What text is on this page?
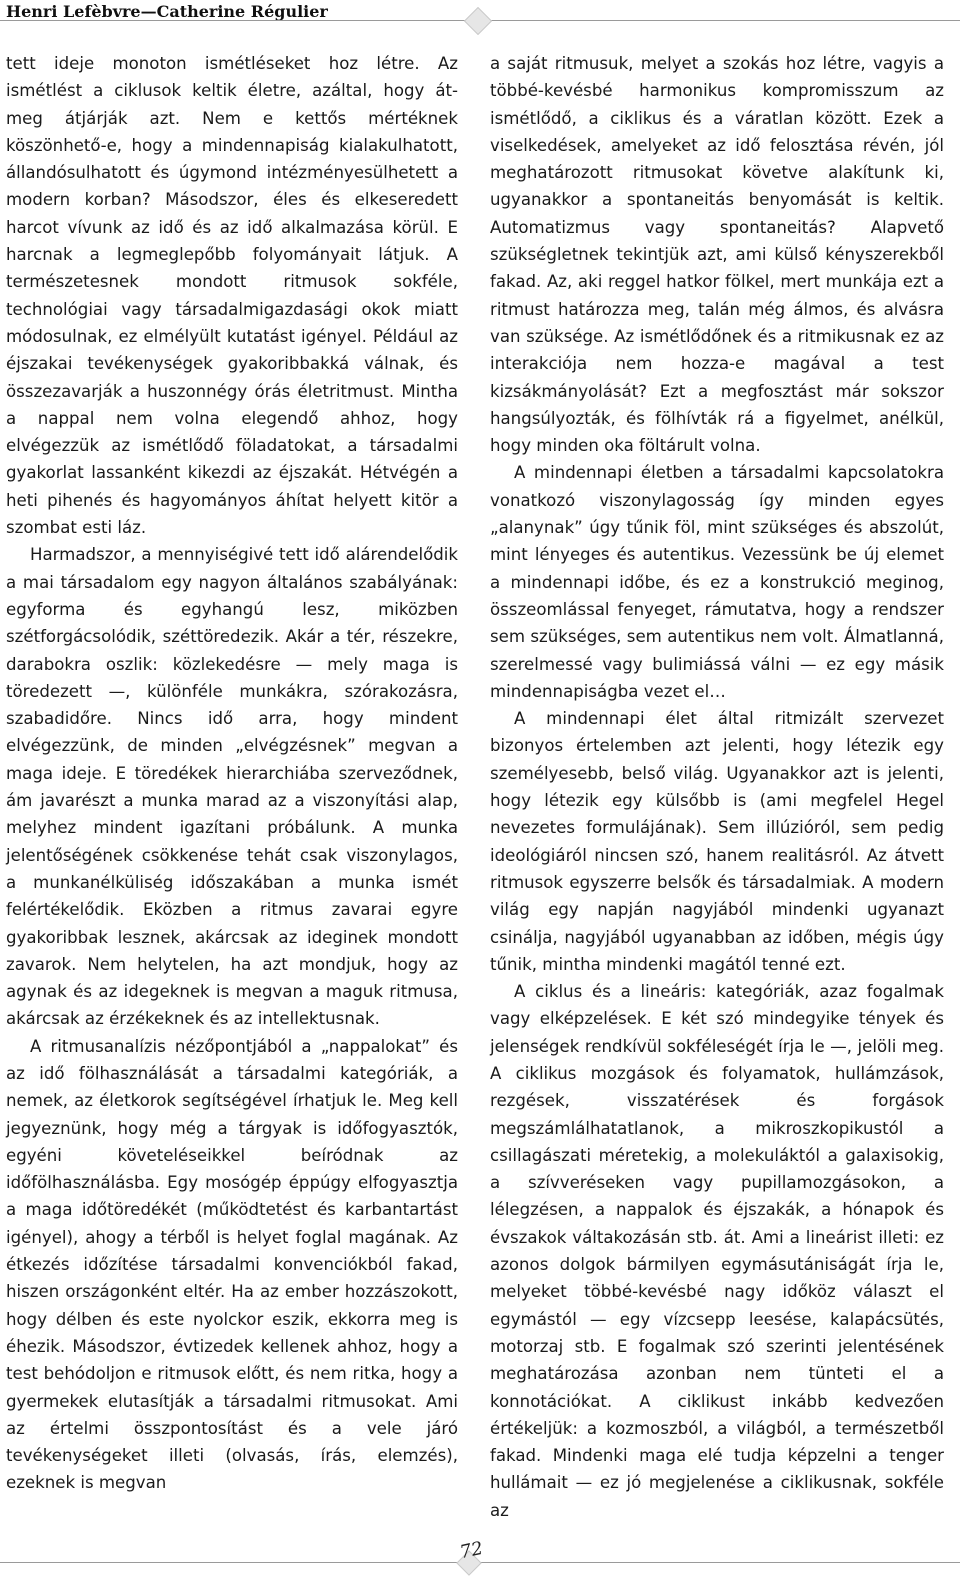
Henri Lefèbvre—Catherine Régulier

tett ideje monoton ismétléseket hoz létre. Az ismétlést a ciklusok keltik életre, azáltal, hogy át- meg átjárják azt. Nem e kettős mértéknek köszönhető-e, hogy a mindennapiság kialakulhatott, állandósulhatott és úgymond intézményesülhetett a modern korban? Másodszor, éles és elkeseredett harcot vívunk az idő és az idő alkalmazása körül. E harcnak a legmeglepőbb folyományait látjuk. A természetesnek mondott ritmusok sokféle, technológiai vagy társadalmigazdasági okok miatt módosulnak, ez elmélyült kutatást igényel. Például az éjszakai tevékenységek gyakoribbakká válnak, és összezavarják a huszonnégy órás életritmust. Mintha a nappal nem volna elegendő ahhoz, hogy elvégezzük az ismétlődő föladatokat, a társadalmi gyakorlat lassanként kikezdi az éjszakát. Hétvégén a heti pihenés és hagyományos áhítat helyett kitör a szombat esti láz.

Harmadszor, a mennyiségivé tett idő alárendelődik a mai társadalom egy nagyon általános szabályának: egyforma és egyhangú lesz, miközben szétforgácsolódik, széttöredezik. Akár a tér, részekre, darabokra oszlik: közlekedésre — mely maga is töredezett —, különféle munkákra, szórakozásra, szabadidőre. Nincs idő arra, hogy mindent elvégezzünk, de minden „elvégzésnek” megvan a maga ideje. E töredékek hierarchiába szerveződnek, ám javarészt a munka marad az a viszonyítási alap, melyhez mindent igazítani próbálunk. A munka jelentőségének csökkenése tehát csak viszonylagos, a munkanélküliség időszakában a munka ismét felértékelődik. Eközben a ritmus zavarai egyre gyakoribbak lesznek, akárcsak az ideginek mondott zavarok. Nem helytelen, ha azt mondjuk, hogy az agynak és az idegeknek is megvan a maguk ritmusa, akárcsak az érzékeknek és az intellektusnak.

A ritmusanalízis nézőpontjából a „nappalokat” és az idő fölhasználását a társadalmi kategóriák, a nemek, az életkorok segítségével írhatjuk le. Meg kell jegyeznünk, hogy még a tárgyak is időfogyasztók, egyéni követeléseikkel beíródnak az időfölhasználásba. Egy mosógép éppúgy elfogyasztja a maga időtöredékét (működtetést és karbantartást igényel), ahogy a térből is helyet foglal magának. Az étkezés időzítése társadalmi konvenciókból fakad, hiszen országonként eltér. Ha az ember hozzászokott, hogy délben és este nyolckor eszik, ekkorra meg is éhezik. Másodszor, évtizedek kellenek ahhoz, hogy a test behódoljon e ritmusok előtt, és nem ritka, hogy a gyermekek elutasítják a társadalmi ritmusokat. Ami az értelmi összpontosítást és a vele járó tevékenységeket illeti (olvasás, írás, elemzés), ezeknek is megvan

a saját ritmusuk, melyet a szokás hoz létre, vagyis a többé-kevésbé harmonikus kompromisszum az ismétlődő, a ciklikus és a váratlan között. Ezek a viselkedések, amelyeket az idő felosztása révén, jól meghatározott ritmusokat követve alakítunk ki, ugyanakkor a spontaneitás benyomását is keltik. Automatizmus vagy spontaneitás? Alapvető szükségletnek tekintjük azt, ami külső kényszerekből fakad. Az, aki reggel hatkor fölkel, mert munkája ezt a ritmust határozza meg, talán még álmos, és alvásra van szüksége. Az ismétlődőnek és a ritmikusnak ez az interakciója nem hozza-e magával a test kizsákmányolását? Ezt a megfosztást már sokszor hangsúlyozták, és fölhívták rá a figyelmet, anélkül, hogy minden oka föltárult volna.

A mindennapi életben a társadalmi kapcsolatokra vonatkozó viszonylagosság így minden egyes „alanynak” úgy tűnik föl, mint szükséges és abszolút, mint lényeges és autentikus. Vezessünk be új elemet a mindennapi időbe, és ez a konstrukció meginog, összeomlással fenyeget, rámutatva, hogy a rendszer sem szükséges, sem autentikus nem volt. Álmatlanná, szerelmessé vagy bulimiássá válni — ez egy másik mindennapiságba vezet el…

A mindennapi élet által ritmizált szervezet bizonyos értelemben azt jelenti, hogy létezik egy személyesebb, belső világ. Ugyanakkor azt is jelenti, hogy létezik egy külsőbb is (ami megfelel Hegel nevezetes formulájának). Sem illúzióról, sem pedig ideológiáról nincsen szó, hanem realitásról. Az átvett ritmusok egyszerre belsők és társadalmiak. A modern világ egy napján nagyjából mindenki ugyanazt csinálja, nagyjából ugyanabban az időben, mégis úgy tűnik, mintha mindenki magától tenné ezt.

A ciklus és a lineáris: kategóriák, azaz fogalmak vagy elképzelések. E két szó mindegyike tények és jelenségek rendkívül sokféleségét írja le —, jelöli meg. A ciklikus mozgások és folyamatok, hullámzások, rezgések, visszatérések és forgások megszámlálhatatlanok, a mikroszkopikustól a csillagászati méretekig, a molekuláktól a galaxisokig, a szívveréseken vagy pupillamozgásokon, a lélegzésen, a nappalok és éjszakák, a hónapok és évszakok váltakozásán stb. át. Ami a lineárist illeti: ez azonos dolgok bármilyen egymásutániságát írja le, melyeket többé-kevésbé nagy időköz választ el egymástól — egy vízcsepp leesése, kalapácsütés, motorzaj stb. E fogalmak szó szerinti jelentésének meghatározása azonban nem tünteti el a konnotációkat. A ciklikust inkább kedvezően értékeljük: a kozmoszból, a világból, a természetből fakad. Mindenki maga elé tudja képzelni a tenger hullámait — ez jó megjelenése a ciklikusnak, sokféle az

72
